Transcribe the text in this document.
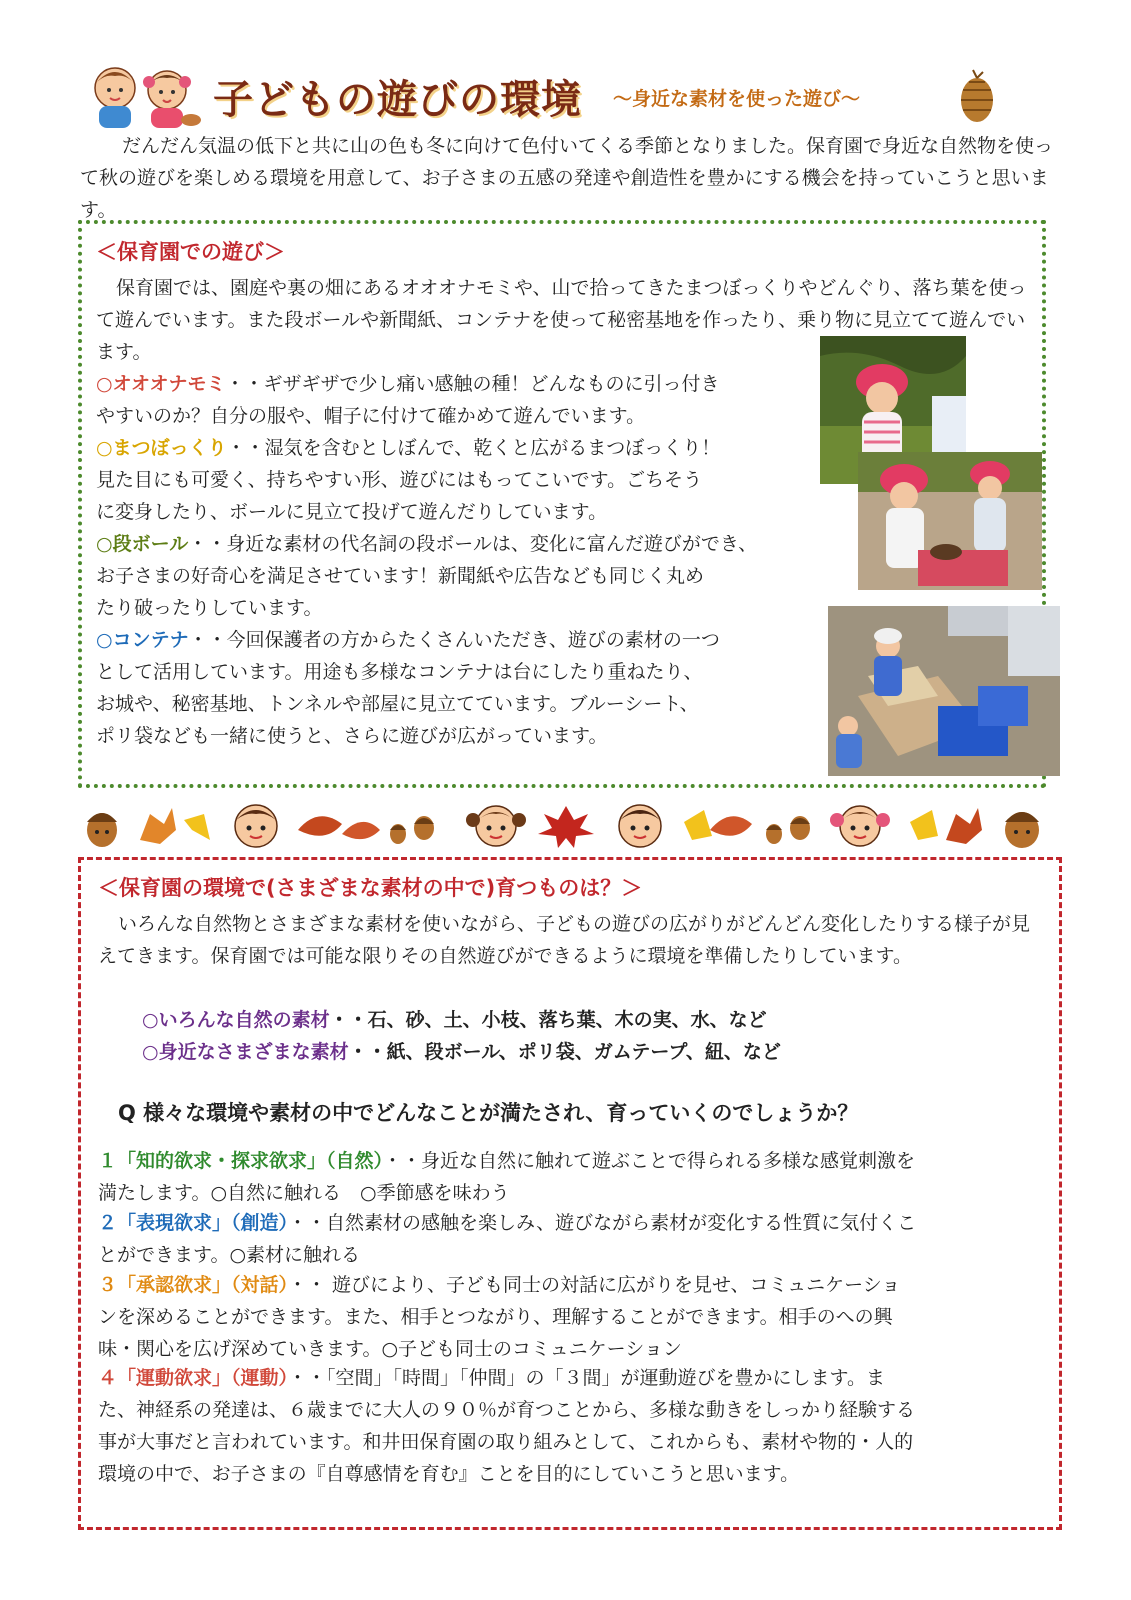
子どもの遊びの環境 ～身近な素材を使った遊び～
だんだん気温の低下と共に山の色も冬に向けて色付いてくる季節となりました。保育園で身近な自然物を使って秋の遊びを楽しめる環境を用意して、お子さまの五感の発達や創造性を豊かにする機会を持っていこうと思います。
＜保育園での遊び＞
保育園では、園庭や裏の畑にあるオオオナモミや、山で拾ってきたまつぼっくりやどんぐり、落ち葉を使って遊んでいます。また段ボールや新聞紙、コンテナを使って秘密基地を作ったり、乗り物に見立てて遊んでいます。
○オオオナモミ・・ギザギザで少し痛い感触の種！どんなものに引っ付き
やすいのか？自分の服や、帽子に付けて確かめて遊んでいます。
○まつぼっくり・・湿気を含むとしぼんで、乾くと広がるまつぼっくり！
見た目にも可愛く、持ちやすい形、遊びにはもってこいです。ごちそう
に変身したり、ボールに見立て投げて遊んだりしています。
○段ボール・・身近な素材の代名詞の段ボールは、変化に富んだ遊びができ、
お子さまの好奇心を満足させています！新聞紙や広告なども同じく丸め
たり破ったりしています。
○コンテナ・・今回保護者の方からたくさんいただき、遊びの素材の一つ
として活用しています。用途も多様なコンテナは台にしたり重ねたり、
お城や、秘密基地、トンネルや部屋に見立てています。ブルーシート、
ポリ袋なども一緒に使うと、さらに遊びが広がっています。
＜保育園の環境で(さまざまな素材の中で)育つものは？＞
いろんな自然物とさまざまな素材を使いながら、子どもの遊びの広がりがどんどん変化したりする様子が見えてきます。保育園では可能な限りその自然遊びができるように環境を準備したりしています。
○いろんな自然の素材・・石、砂、土、小枝、落ち葉、木の実、水、など
○身近なさまざまな素材・・紙、段ボール、ポリ袋、ガムテープ、紐、など
Q 様々な環境や素材の中でどんなことが満たされ、育っていくのでしょうか？
１「知的欲求・探求欲求」（自然）・・身近な自然に触れて遊ぶことで得られる多様な感覚刺激を
満たします。○自然に触れる　○季節感を味わう
２「表現欲求」（創造）・・自然素材の感触を楽しみ、遊びながら素材が変化する性質に気付くこ
とができます。○素材に触れる
３「承認欲求」（対話）・・ 遊びにより、子ども同士の対話に広がりを見せ、コミュニケーショ
ンを深めることができます。また、相手とつながり、理解することができます。相手のへの興
味・関心を広げ深めていきます。○子ども同士のコミュニケーション
４「運動欲求」（運動）・・「空間」「時間」「仲間」の「３間」が運動遊びを豊かにします。ま
た、神経系の発達は、６歳までに大人の９０％が育つことから、多様な動きをしっかり経験する
事が大事だと言われています。和井田保育園の取り組みとして、これからも、素材や物的・人的
環境の中で、お子さまの『自尊感情を育む』ことを目的にしていこうと思います。
